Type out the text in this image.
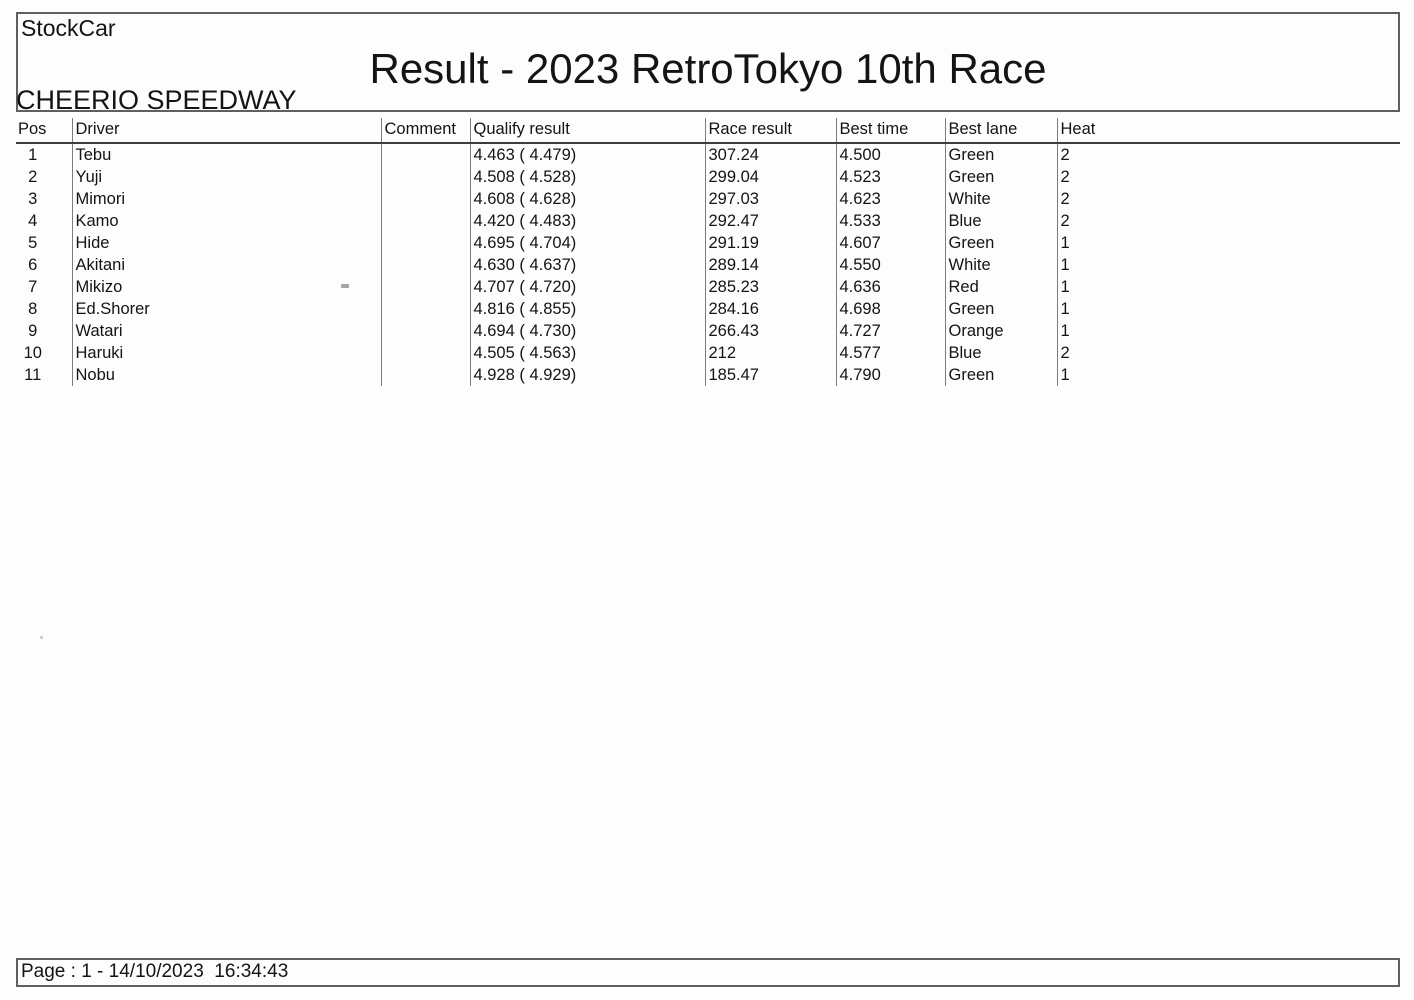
StockCar
Result - 2023 RetroTokyo 10th Race
CHEERIO SPEEDWAY
Pos	Driver	Comment	Qualify result	Race result	Best time	Best lane	Heat
1	Tebu		4.463 ( 4.479)	307.24	4.500	Green	2
2	Yuji		4.508 ( 4.528)	299.04	4.523	Green	2
3	Mimori		4.608 ( 4.628)	297.03	4.623	White	2
4	Kamo		4.420 ( 4.483)	292.47	4.533	Blue	2
5	Hide		4.695 ( 4.704)	291.19	4.607	Green	1
6	Akitani		4.630 ( 4.637)	289.14	4.550	White	1
7	Mikizo		4.707 ( 4.720)	285.23	4.636	Red	1
8	Ed.Shorer		4.816 ( 4.855)	284.16	4.698	Green	1
9	Watari		4.694 ( 4.730)	266.43	4.727	Orange	1
10	Haruki		4.505 ( 4.563)	212	4.577	Blue	2
11	Nobu		4.928 ( 4.929)	185.47	4.790	Green	1
Page : 1 - 14/10/2023  16:34:43
